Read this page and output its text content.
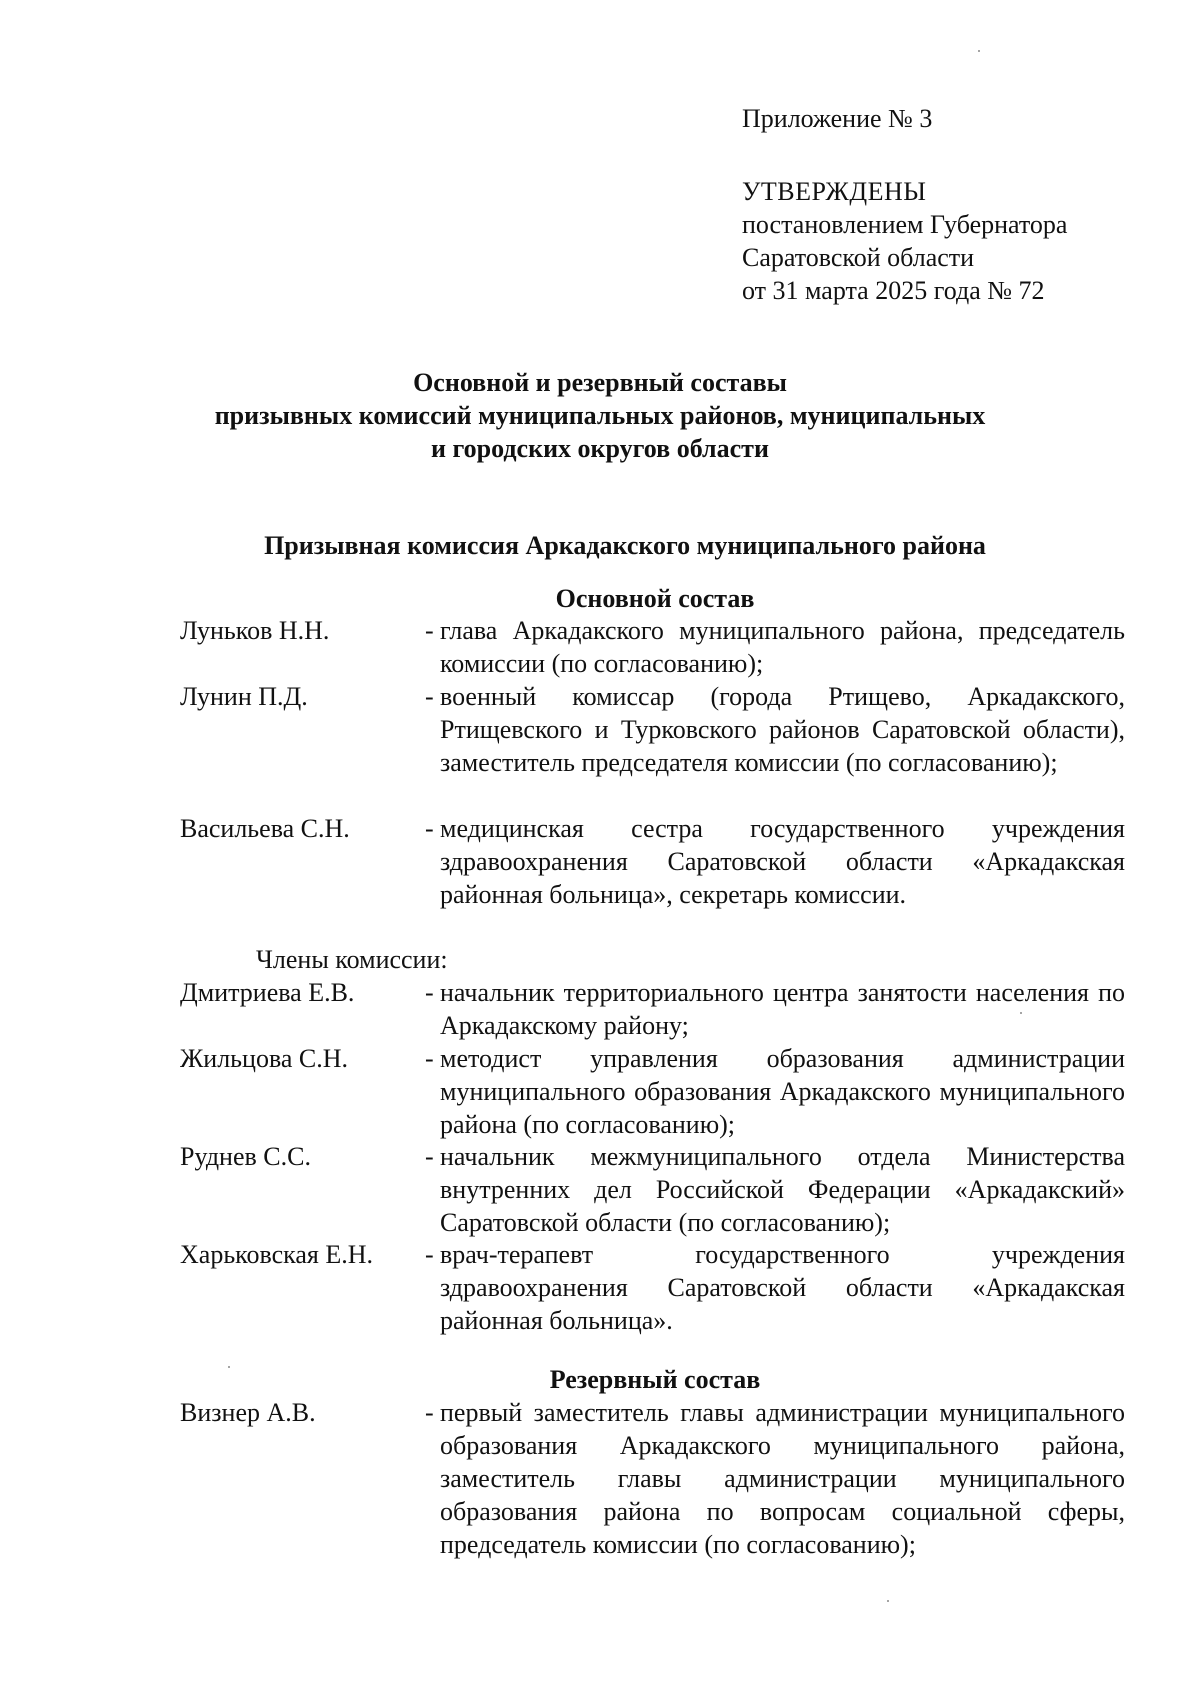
Приложение № 3
УТВЕРЖДЕНЫ
постановлением Губернатора
Саратовской области
от 31 марта 2025 года № 72
Основной и резервный составы
призывных комиссий муниципальных районов, муниципальных
и городских округов области
Призывная комиссия Аркадакского муниципального района
Основной состав
Луньков Н.Н.	- глава Аркадакского муниципального района, председатель комиссии (по согласованию);
Лунин П.Д.	- военный комиссар (города Ртищево, Аркадакского, Ртищевского и Турковского районов Саратовской области), заместитель председателя комиссии (по согласованию);
Васильева С.Н.	- медицинская сестра государственного учреждения здравоохранения Саратовской области «Аркадакская районная больница», секретарь комиссии.
Члены комиссии:
Дмитриева Е.В.	- начальник территориального центра занятости населения по Аркадакскому району;
Жильцова С.Н.	- методист управления образования администрации муниципального образования Аркадакского муниципального района (по согласованию);
Руднев С.С.	- начальник межмуниципального отдела Министерства внутренних дел Российской Федерации «Аркадакский» Саратовской области (по согласованию);
Харьковская Е.Н. - врач-терапевт государственного учреждения здравоохранения Саратовской области «Аркадакская районная больница».
Резервный состав
Визнер А.В.	- первый заместитель главы администрации муниципального образования Аркадакского муниципального района, заместитель главы администрации муниципального образования района по вопросам социальной сферы, председатель комиссии (по согласованию);
